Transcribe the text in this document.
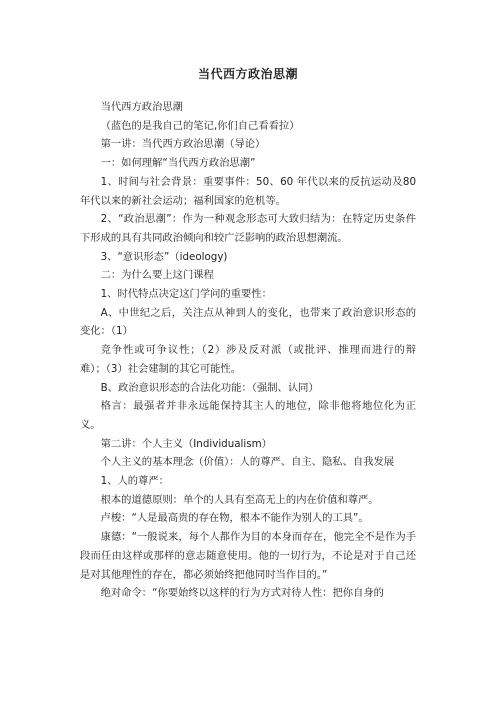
当代西方政治思潮

当代西方政治思潮

（蓝色的是我自己的笔记,你们自己看看拉）

第一讲：当代西方政治思潮（导论）

一：如何理解“当代西方政治思潮”

1、时间与社会背景：重要事件：50、60 年代以来的反抗运动及80 年代以来的新社会运动；福利国家的危机等。

2、“政治思潮”：作为一种观念形态可大致归结为：在特定历史条件下形成的具有共同政治倾向和较广泛影响的政治思想潮流。

3、“意识形态”（ideology)

二：为什么要上这门课程

1、时代特点决定这门学问的重要性：

A、中世纪之后，关注点从神到人的变化，也带来了政治意识形态的变化：（1）

竞争性或可争议性；（2）涉及反对派（或批评、推理而进行的辩难）；（3）社会建制的其它可能性。

B、政治意识形态的合法化功能：（强制、认同）

格言：最强者并非永远能保持其主人的地位，除非他将地位化为正义。

第二讲：个人主义（Individualism）

个人主义的基本理念（价值）：人的尊严、自主、隐私、自我发展

1、人的尊严：

根本的道德原则：单个的人具有至高无上的内在价值和尊严。

卢梭：“人是最高贵的存在物，根本不能作为别人的工具”。

康德：“一般说来，每个人都作为目的本身而存在，他完全不是作为手段而任由这样或那样的意志随意使用。他的一切行为，不论是对于自己还是对其他理性的存在，都必须始终把他同时当作目的。”

绝对命令：“你要始终以这样的行为方式对待人性：把你自身的
